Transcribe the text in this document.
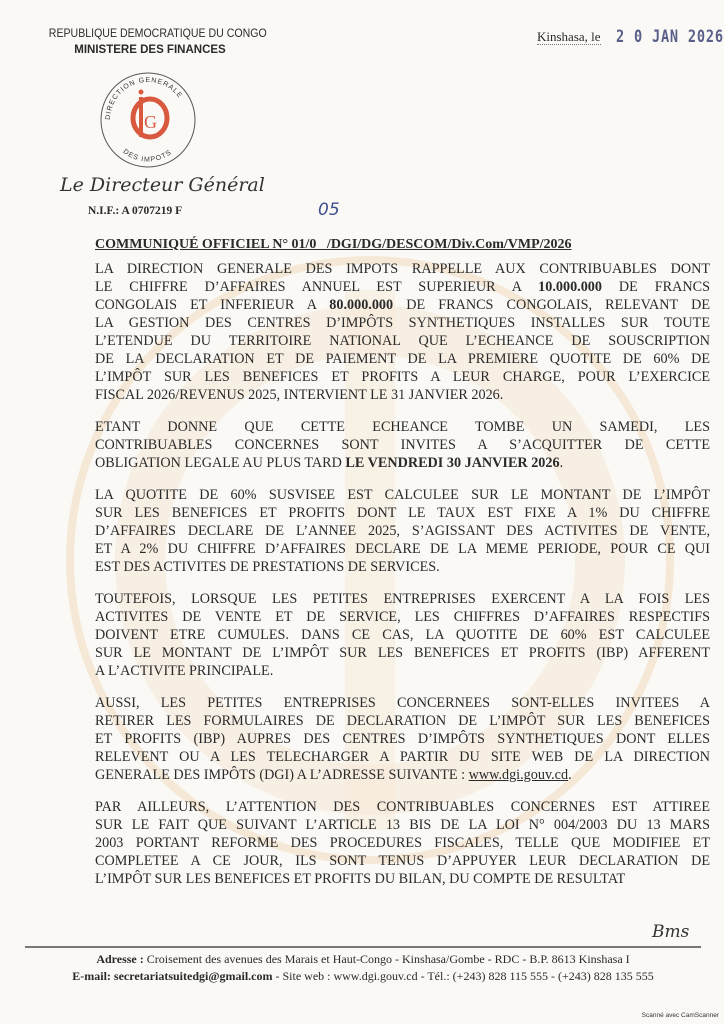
REPUBLIQUE DEMOCRATIQUE DU CONGO
MINISTERE DES FINANCES
Kinshasa, le 2 0 JAN 2026
DIRECTION GENERALE
DES IMPOTS
G
Le Directeur Général
N.I.F.: A 0707219 F	05
COMMUNIQUÉ OFFICIEL N° 01/0   /DGI/DG/DESCOM/Div.Com/VMP/2026
LA DIRECTION GENERALE DES IMPOTS RAPPELLE AUX CONTRIBUABLES DONT
LE CHIFFRE D’AFFAIRES ANNUEL EST SUPERIEUR A 10.000.000 DE FRANCS
CONGOLAIS ET INFERIEUR A 80.000.000 DE FRANCS CONGOLAIS, RELEVANT DE
LA GESTION DES CENTRES D’IMPÔTS SYNTHETIQUES INSTALLES SUR TOUTE
L’ETENDUE DU TERRITOIRE NATIONAL QUE L’ECHEANCE DE SOUSCRIPTION
DE LA DECLARATION ET DE PAIEMENT DE LA PREMIERE QUOTITE DE 60% DE
L’IMPÔT SUR LES BENEFICES ET PROFITS A LEUR CHARGE, POUR L’EXERCICE
FISCAL 2026/REVENUS 2025, INTERVIENT LE 31 JANVIER 2026.
ETANT DONNE QUE CETTE ECHEANCE TOMBE UN SAMEDI, LES
CONTRIBUABLES CONCERNES SONT INVITES A S’ACQUITTER DE CETTE
OBLIGATION LEGALE AU PLUS TARD LE VENDREDI 30 JANVIER 2026.
LA QUOTITE DE 60% SUSVISEE EST CALCULEE SUR LE MONTANT DE L’IMPÔT
SUR LES BENEFICES ET PROFITS DONT LE TAUX EST FIXE A 1% DU CHIFFRE
D’AFFAIRES DECLARE DE L’ANNEE 2025, S’AGISSANT DES ACTIVITES DE VENTE,
ET A 2% DU CHIFFRE D’AFFAIRES DECLARE DE LA MEME PERIODE, POUR CE QUI
EST DES ACTIVITES DE PRESTATIONS DE SERVICES.
TOUTEFOIS, LORSQUE LES PETITES ENTREPRISES EXERCENT A LA FOIS LES
ACTIVITES DE VENTE ET DE SERVICE, LES CHIFFRES D’AFFAIRES RESPECTIFS
DOIVENT ETRE CUMULES. DANS CE CAS, LA QUOTITE DE 60% EST CALCULEE
SUR LE MONTANT DE L’IMPÔT SUR LES BENEFICES ET PROFITS (IBP) AFFERENT
A L’ACTIVITE PRINCIPALE.
AUSSI, LES PETITES ENTREPRISES CONCERNEES SONT-ELLES INVITEES A
RETIRER LES FORMULAIRES DE DECLARATION DE L’IMPÔT SUR LES BENEFICES
ET PROFITS (IBP) AUPRES DES CENTRES D’IMPÔTS SYNTHETIQUES DONT ELLES
RELEVENT OU A LES TELECHARGER A PARTIR DU SITE WEB DE LA DIRECTION
GENERALE DES IMPÔTS (DGI) A L’ADRESSE SUIVANTE : www.dgi.gouv.cd.
PAR AILLEURS, L’ATTENTION DES CONTRIBUABLES CONCERNES EST ATTIREE
SUR LE FAIT QUE SUIVANT L’ARTICLE 13 BIS DE LA LOI N° 004/2003 DU 13 MARS
2003 PORTANT REFORME DES PROCEDURES FISCALES, TELLE QUE MODIFIEE ET
COMPLETEE A CE JOUR, ILS SONT TENUS D’APPUYER LEUR DECLARATION DE
L’IMPÔT SUR LES BENEFICES ET PROFITS DU BILAN, DU COMPTE DE RESULTAT
Bms
Adresse : Croisement des avenues des Marais et Haut-Congo - Kinshasa/Gombe - RDC - B.P. 8613 Kinshasa I
E-mail: secretariatsuitedgi@gmail.com - Site web : www.dgi.gouv.cd - Tél.: (+243) 828 115 555 - (+243) 828 135 555
Scanné avec CamScanner
